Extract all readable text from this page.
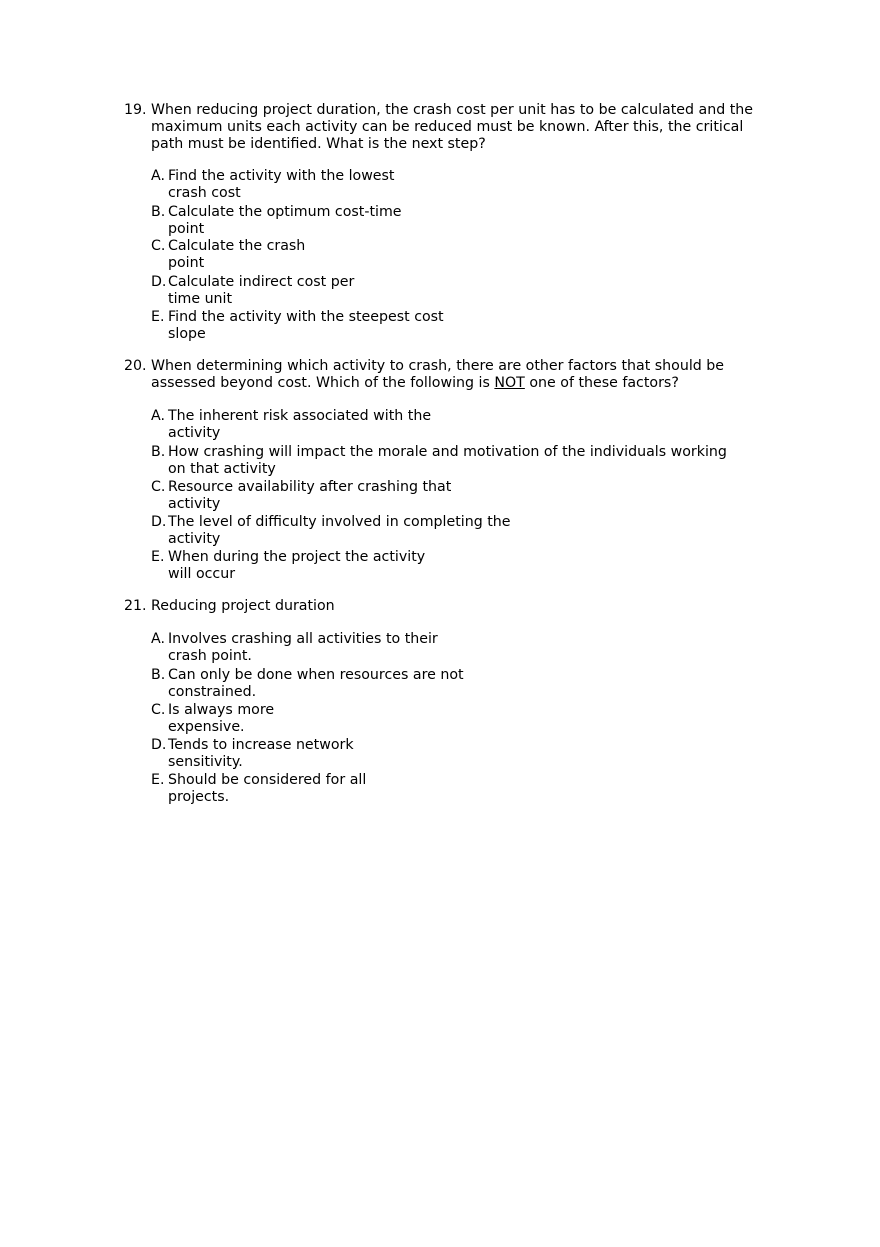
19. When reducing project duration, the crash cost per unit has to be calculated and the maximum units each activity can be reduced must be known. After this, the critical path must be identified. What is the next step?
A. Find the activity with the lowest
crash cost
B. Calculate the optimum cost-time
point
C. Calculate the crash
point
D. Calculate indirect cost per
time unit
E. Find the activity with the steepest cost
slope
20. When determining which activity to crash, there are other factors that should be assessed beyond cost. Which of the following is NOT one of these factors?
A. The inherent risk associated with the
activity
B. How crashing will impact the morale and motivation of the individuals working
on that activity
C. Resource availability after crashing that
activity
D. The level of difficulty involved in completing the
activity
E. When during the project the activity
will occur
21. Reducing project duration
A. Involves crashing all activities to their
crash point.
B. Can only be done when resources are not
constrained.
C. Is always more
expensive.
D. Tends to increase network
sensitivity.
E. Should be considered for all
projects.
